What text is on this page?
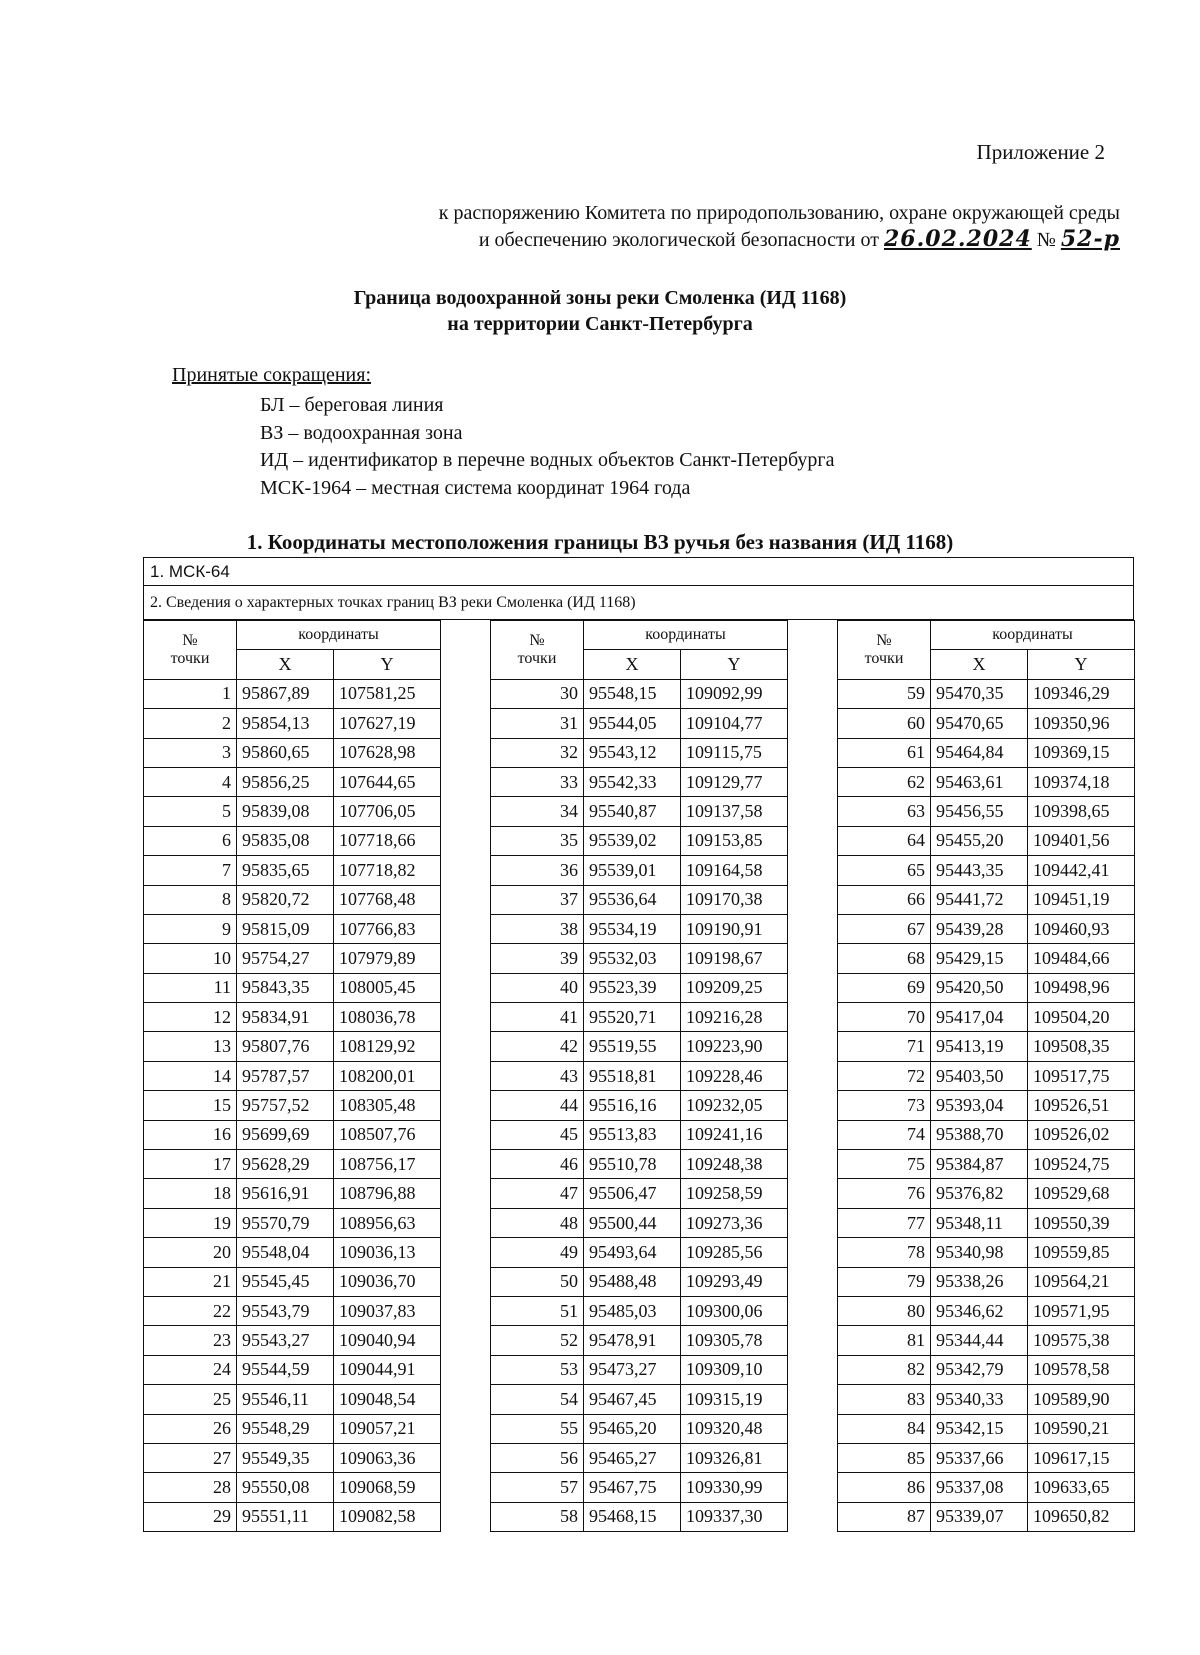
Приложение 2
к распоряжению Комитета по природопользованию, охране окружающей среды
и обеспечению экологической безопасности от 26.02.2024 № 52-р
Граница водоохранной зоны реки Смоленка (ИД 1168)
на территории Санкт-Петербурга
Принятые сокращения:
БЛ – береговая линия
ВЗ – водоохранная зона
ИД – идентификатор в перечне водных объектов Санкт-Петербурга
МСК-1964 – местная система координат 1964 года
1. Координаты местоположения границы ВЗ ручья без названия (ИД 1168)
1. МСК-64
2. Сведения о характерных точках границ ВЗ реки Смоленка (ИД 1168)
№
точки	координаты	
	X	Y
1	95867,89	107581,25
2	95854,13	107627,19
3	95860,65	107628,98
4	95856,25	107644,65
5	95839,08	107706,05
6	95835,08	107718,66
7	95835,65	107718,82
8	95820,72	107768,48
9	95815,09	107766,83
10	95754,27	107979,89
11	95843,35	108005,45
12	95834,91	108036,78
13	95807,76	108129,92
14	95787,57	108200,01
15	95757,52	108305,48
16	95699,69	108507,76
17	95628,29	108756,17
18	95616,91	108796,88
19	95570,79	108956,63
20	95548,04	109036,13
21	95545,45	109036,70
22	95543,79	109037,83
23	95543,27	109040,94
24	95544,59	109044,91
25	95546,11	109048,54
26	95548,29	109057,21
27	95549,35	109063,36
28	95550,08	109068,59
29	95551,11	109082,58
№
точки	координаты	
	X	Y
30	95548,15	109092,99
31	95544,05	109104,77
32	95543,12	109115,75
33	95542,33	109129,77
34	95540,87	109137,58
35	95539,02	109153,85
36	95539,01	109164,58
37	95536,64	109170,38
38	95534,19	109190,91
39	95532,03	109198,67
40	95523,39	109209,25
41	95520,71	109216,28
42	95519,55	109223,90
43	95518,81	109228,46
44	95516,16	109232,05
45	95513,83	109241,16
46	95510,78	109248,38
47	95506,47	109258,59
48	95500,44	109273,36
49	95493,64	109285,56
50	95488,48	109293,49
51	95485,03	109300,06
52	95478,91	109305,78
53	95473,27	109309,10
54	95467,45	109315,19
55	95465,20	109320,48
56	95465,27	109326,81
57	95467,75	109330,99
58	95468,15	109337,30
№
точки	координаты	
	X	Y
59	95470,35	109346,29
60	95470,65	109350,96
61	95464,84	109369,15
62	95463,61	109374,18
63	95456,55	109398,65
64	95455,20	109401,56
65	95443,35	109442,41
66	95441,72	109451,19
67	95439,28	109460,93
68	95429,15	109484,66
69	95420,50	109498,96
70	95417,04	109504,20
71	95413,19	109508,35
72	95403,50	109517,75
73	95393,04	109526,51
74	95388,70	109526,02
75	95384,87	109524,75
76	95376,82	109529,68
77	95348,11	109550,39
78	95340,98	109559,85
79	95338,26	109564,21
80	95346,62	109571,95
81	95344,44	109575,38
82	95342,79	109578,58
83	95340,33	109589,90
84	95342,15	109590,21
85	95337,66	109617,15
86	95337,08	109633,65
87	95339,07	109650,82
